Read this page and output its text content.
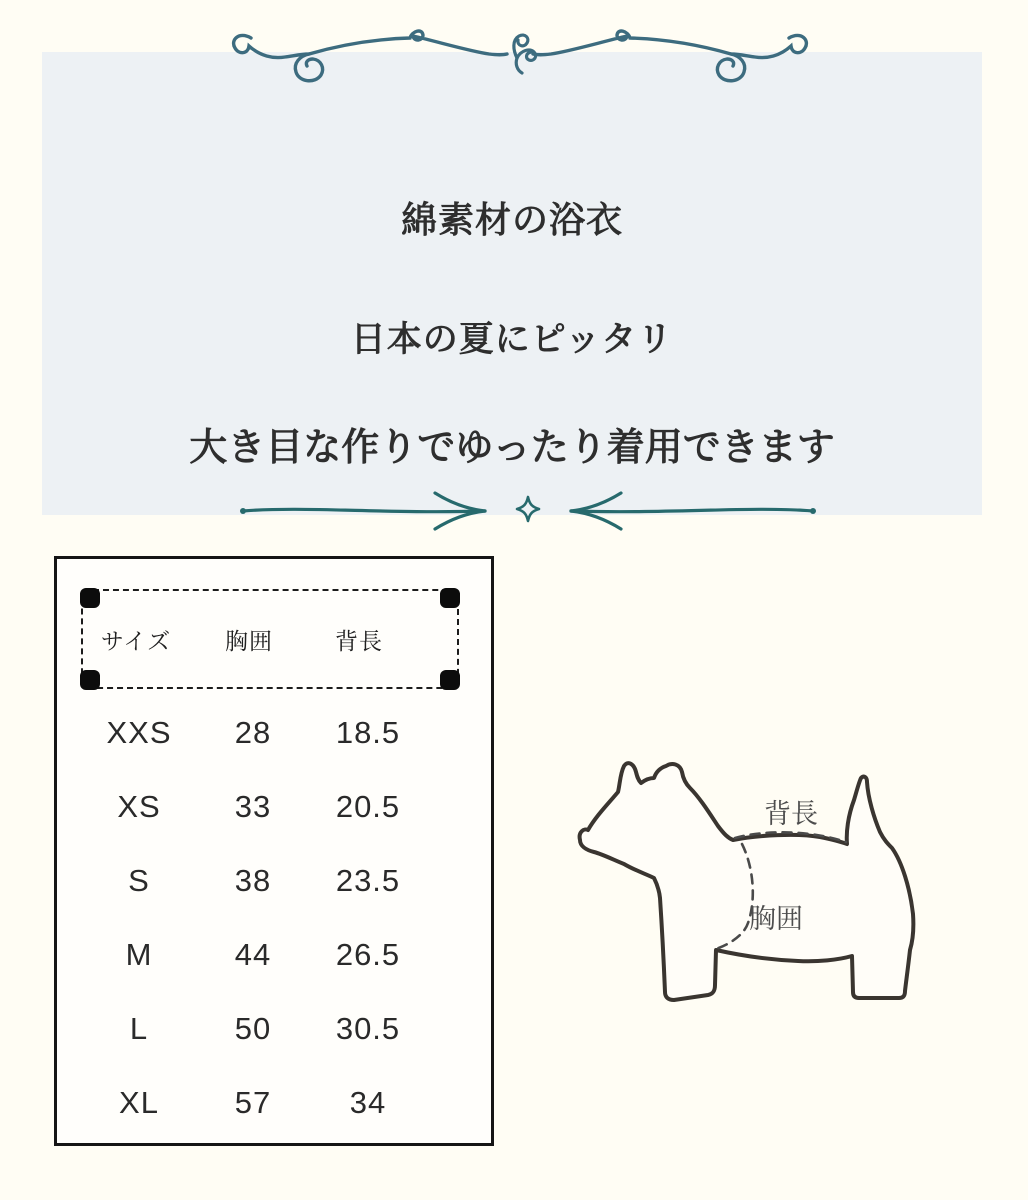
綿素材の浴衣
日本の夏にピッタリ
大き目な作りでゆったり着用できます
サイズ	胸囲	背長
XXS	28	18.5
XS	33	20.5
S	38	23.5
M	44	26.5
L	50	30.5
XL	57	34
背長
胸囲
